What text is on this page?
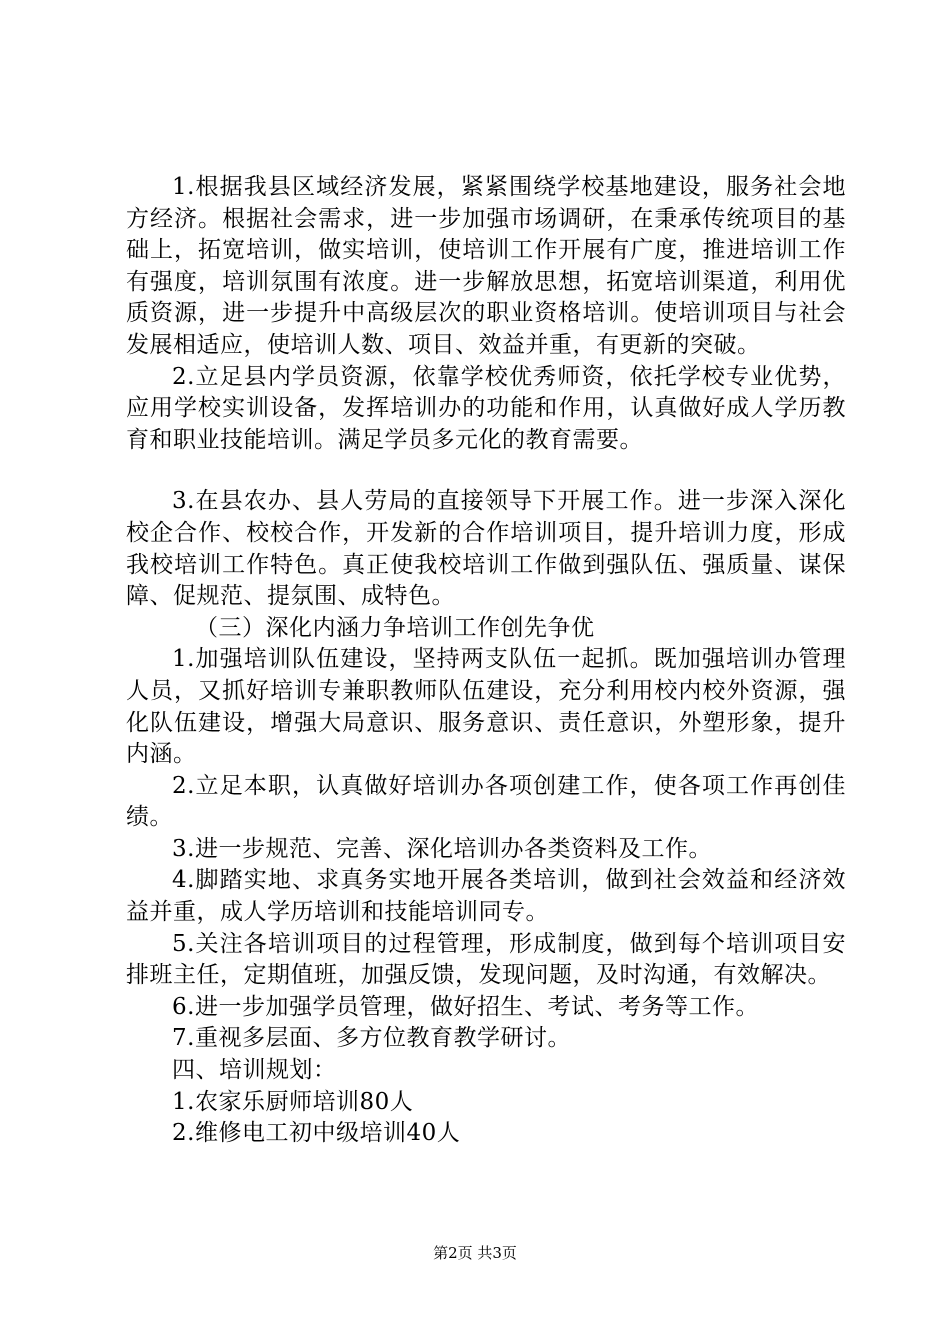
1.根据我县区域经济发展，紧紧围绕学校基地建设，服务社会地方经济。根据社会需求，进一步加强市场调研，在秉承传统项目的基础上，拓宽培训，做实培训，使培训工作开展有广度，推进培训工作有强度，培训氛围有浓度。进一步解放思想，拓宽培训渠道，利用优质资源，进一步提升中高级层次的职业资格培训。使培训项目与社会发展相适应，使培训人数、项目、效益并重，有更新的突破。

2.立足县内学员资源，依靠学校优秀师资，依托学校专业优势，应用学校实训设备，发挥培训办的功能和作用，认真做好成人学历教育和职业技能培训。满足学员多元化的教育需要。

3.在县农办、县人劳局的直接领导下开展工作。进一步深入深化校企合作、校校合作，开发新的合作培训项目，提升培训力度，形成我校培训工作特色。真正使我校培训工作做到强队伍、强质量、谋保障、促规范、提氛围、成特色。

（三）深化内涵力争培训工作创先争优

1.加强培训队伍建设，坚持两支队伍一起抓。既加强培训办管理人员，又抓好培训专兼职教师队伍建设，充分利用校内校外资源，强化队伍建设，增强大局意识、服务意识、责任意识，外塑形象，提升内涵。

2.立足本职，认真做好培训办各项创建工作，使各项工作再创佳绩。

3.进一步规范、完善、深化培训办各类资料及工作。

4.脚踏实地、求真务实地开展各类培训，做到社会效益和经济效益并重，成人学历培训和技能培训同专。

5.关注各培训项目的过程管理，形成制度，做到每个培训项目安排班主任，定期值班，加强反馈，发现问题，及时沟通，有效解决。

6.进一步加强学员管理，做好招生、考试、考务等工作。

7.重视多层面、多方位教育教学研讨。

四、培训规划：

1.农家乐厨师培训80人

2.维修电工初中级培训40人

第2页 共3页
